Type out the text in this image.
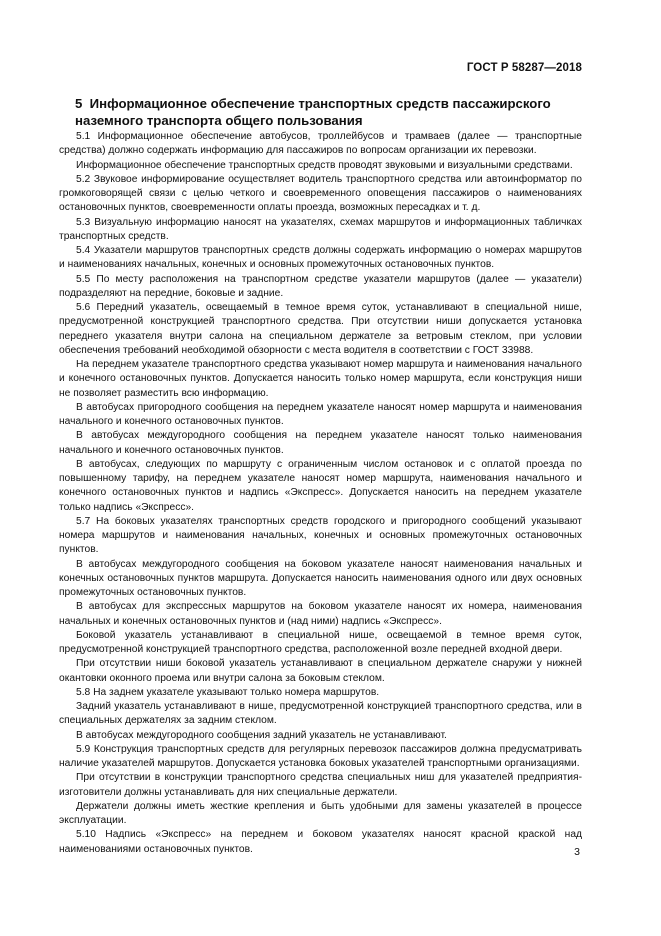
ГОСТ Р 58287—2018
5 Информационное обеспечение транспортных средств пассажирского наземного транспорта общего пользования

5.1 Информационное обеспечение автобусов, троллейбусов и трамваев (далее — транспортные средства) должно содержать информацию для пассажиров по вопросам организации их перевозки.

Информационное обеспечение транспортных средств проводят звуковыми и визуальными средствами.

5.2 Звуковое информирование осуществляет водитель транспортного средства или автоинформатор по громкоговорящей связи с целью четкого и своевременного оповещения пассажиров о наименованиях остановочных пунктов, своевременности оплаты проезда, возможных пересадках и т. д.

5.3 Визуальную информацию наносят на указателях, схемах маршрутов и информационных табличках транспортных средств.

5.4 Указатели маршрутов транспортных средств должны содержать информацию о номерах маршрутов и наименованиях начальных, конечных и основных промежуточных остановочных пунктов.

5.5 По месту расположения на транспортном средстве указатели маршрутов (далее — указатели) подразделяют на передние, боковые и задние.

5.6 Передний указатель, освещаемый в темное время суток, устанавливают в специальной нише, предусмотренной конструкцией транспортного средства. При отсутствии ниши допускается установка переднего указателя внутри салона на специальном держателе за ветровым стеклом, при условии обеспечения требований необходимой обзорности с места водителя в соответствии с ГОСТ 33988.

На переднем указателе транспортного средства указывают номер маршрута и наименования начального и конечного остановочных пунктов. Допускается наносить только номер маршрута, если конструкция ниши не позволяет разместить всю информацию.

В автобусах пригородного сообщения на переднем указателе наносят номер маршрута и наименования начального и конечного остановочных пунктов.

В автобусах междугородного сообщения на переднем указателе наносят только наименования начального и конечного остановочных пунктов.

В автобусах, следующих по маршруту с ограниченным числом остановок и с оплатой проезда по повышенному тарифу, на переднем указателе наносят номер маршрута, наименования начального и конечного остановочных пунктов и надпись «Экспресс». Допускается наносить на переднем указателе только надпись «Экспресс».

5.7 На боковых указателях транспортных средств городского и пригородного сообщений указывают номера маршрутов и наименования начальных, конечных и основных промежуточных остановочных пунктов.

В автобусах междугородного сообщения на боковом указателе наносят наименования начальных и конечных остановочных пунктов маршрута. Допускается наносить наименования одного или двух основных промежуточных остановочных пунктов.

В автобусах для экспрессных маршрутов на боковом указателе наносят их номера, наименования начальных и конечных остановочных пунктов и (над ними) надпись «Экспресс».

Боковой указатель устанавливают в специальной нише, освещаемой в темное время суток, предусмотренной конструкцией транспортного средства, расположенной возле передней входной двери.

При отсутствии ниши боковой указатель устанавливают в специальном держателе снаружи у нижней окантовки оконного проема или внутри салона за боковым стеклом.

5.8 На заднем указателе указывают только номера маршрутов.

Задний указатель устанавливают в нише, предусмотренной конструкцией транспортного средства, или в специальных держателях за задним стеклом.

В автобусах междугородного сообщения задний указатель не устанавливают.

5.9 Конструкция транспортных средств для регулярных перевозок пассажиров должна предусматривать наличие указателей маршрутов. Допускается установка боковых указателей транспортными организациями.

При отсутствии в конструкции транспортного средства специальных ниш для указателей предприятия-изготовители должны устанавливать для них специальные держатели.

Держатели должны иметь жесткие крепления и быть удобными для замены указателей в процессе эксплуатации.

5.10 Надпись «Экспресс» на переднем и боковом указателях наносят красной краской над наименованиями остановочных пунктов.	3
